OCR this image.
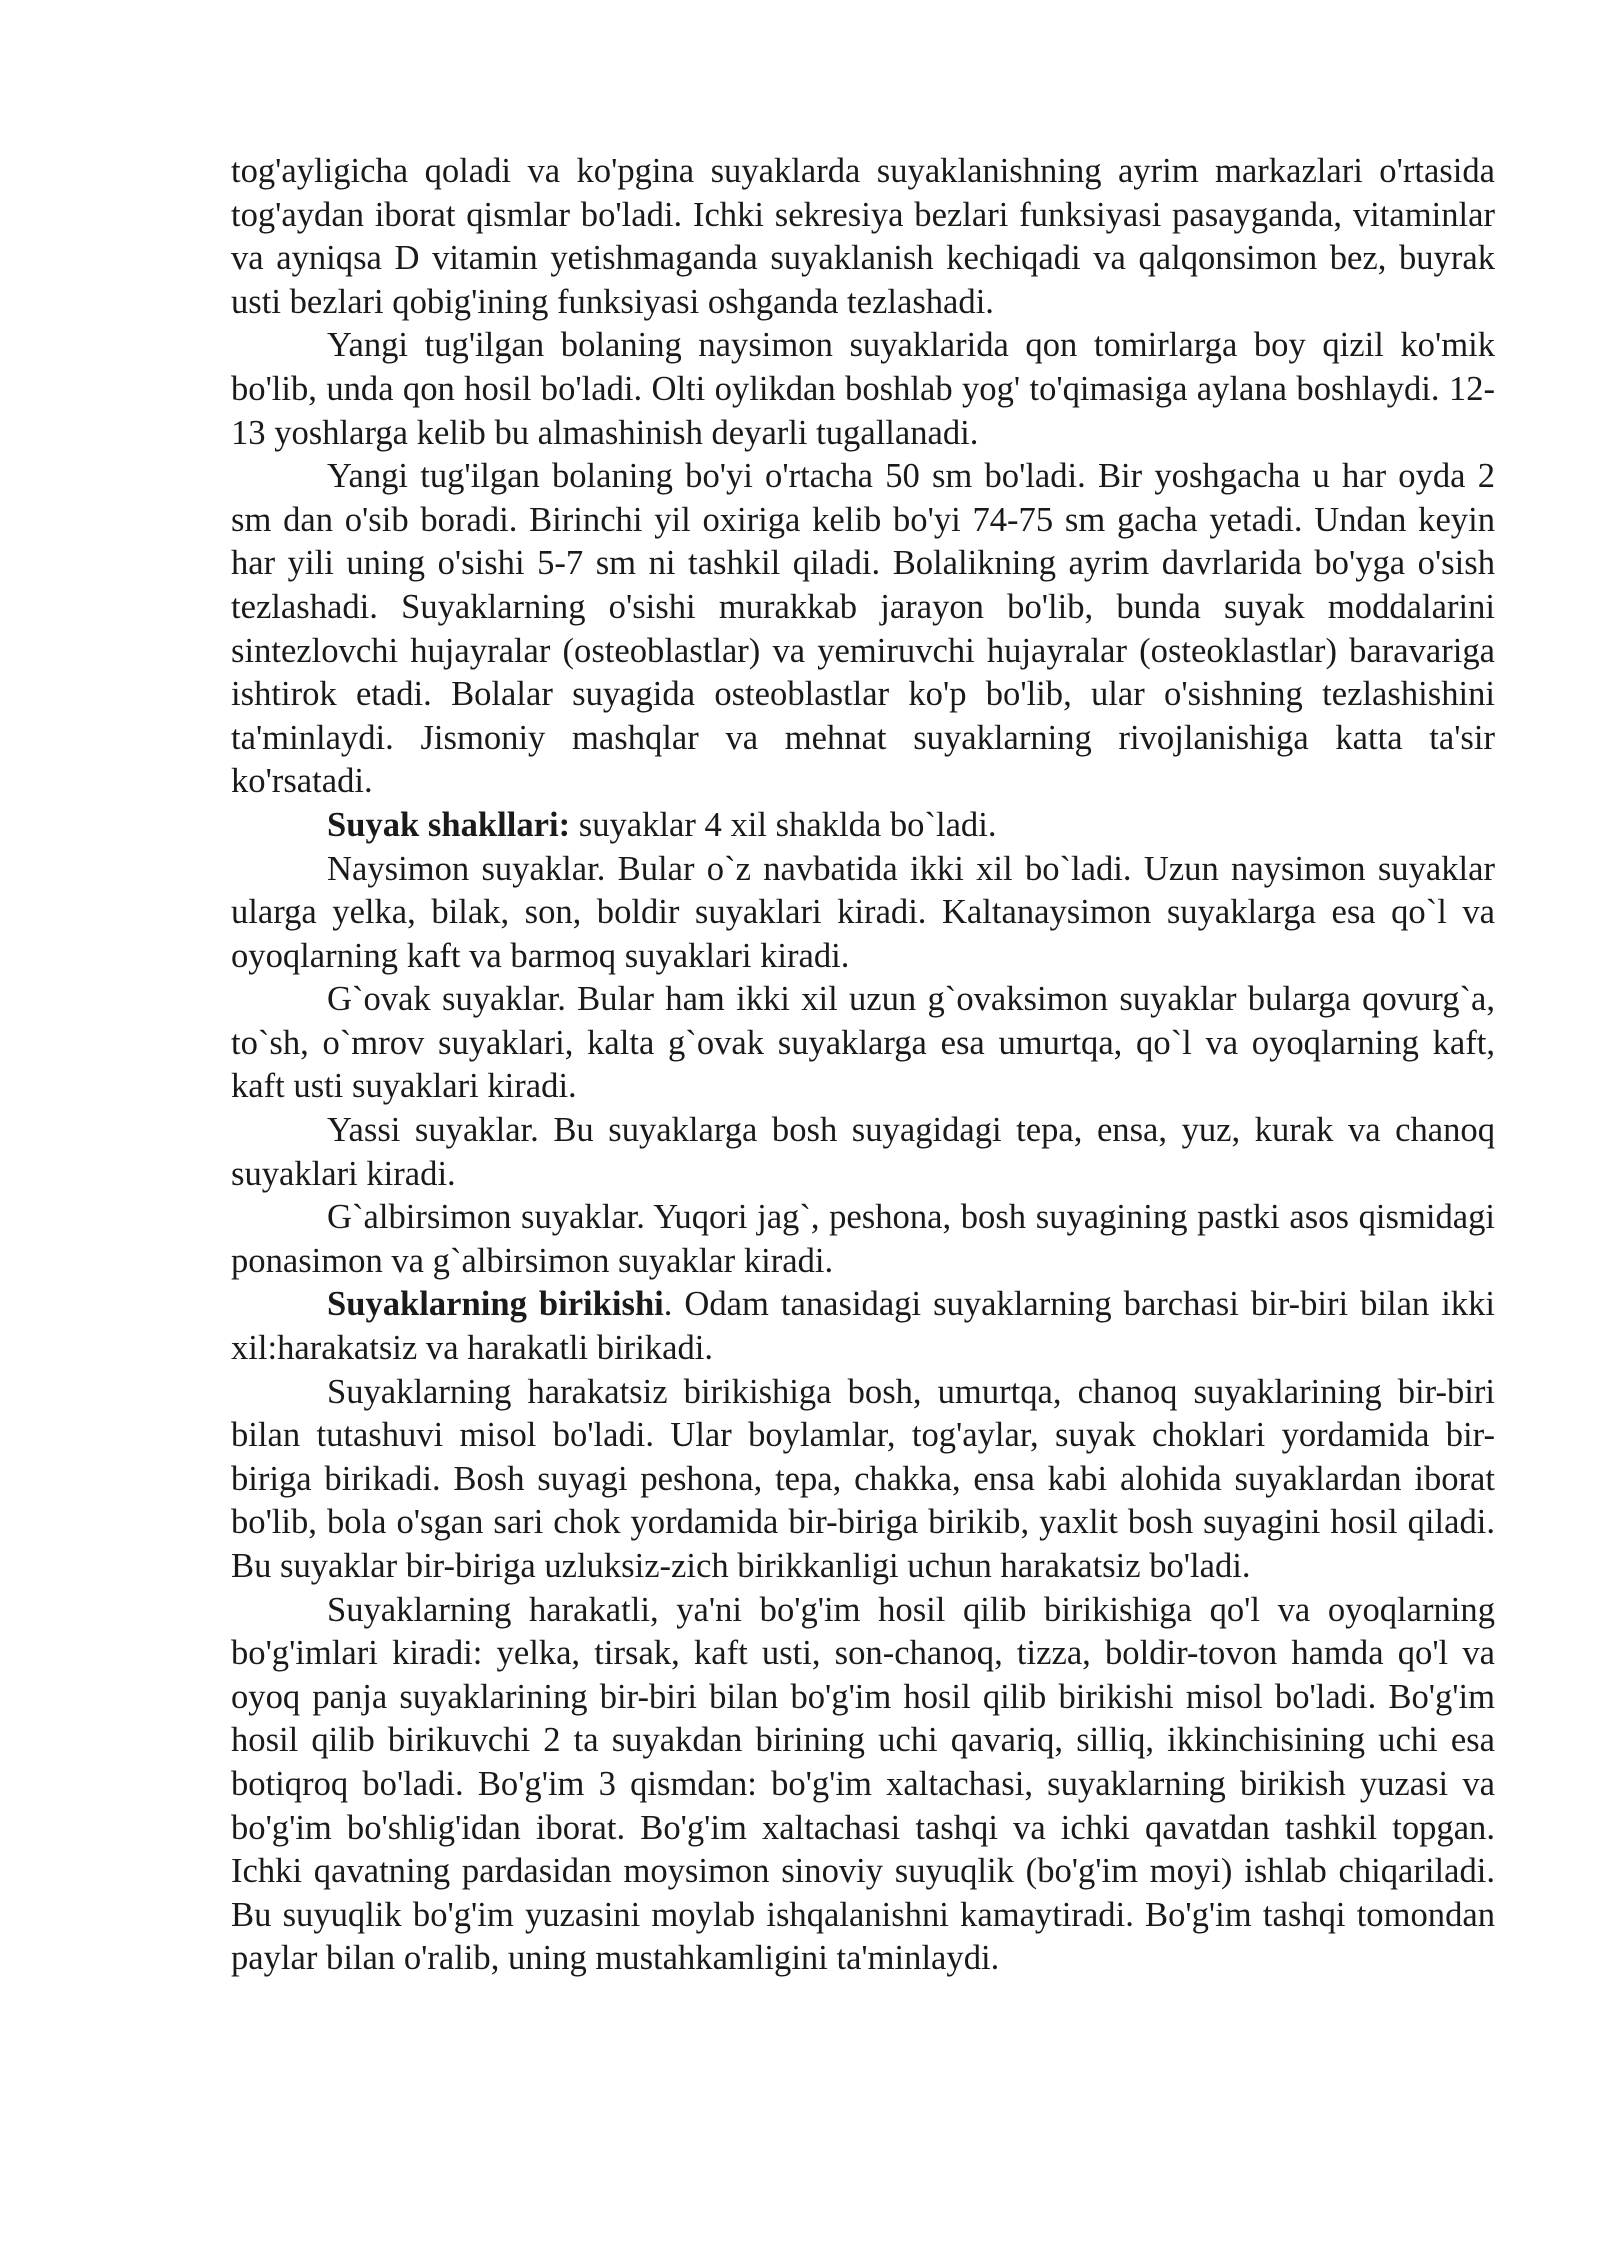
tog'ayligicha qoladi va ko'pgina suyaklarda suyaklanishning ayrim markazlari o'rtasida tog'aydan iborat qismlar bo'ladi. Ichki sekresiya bezlari funksiyasi pasayganda, vitaminlar va ayniqsa D vitamin yetishmaganda suyaklanish kechiqadi va qalqonsimon bez, buyrak usti bezlari qobig'ining funksiyasi oshganda tezlashadi.

Yangi tug'ilgan bolaning naysimon suyaklarida qon tomirlarga boy qizil ko'mik bo'lib, unda qon hosil bo'ladi. Olti oylikdan boshlab yog' to'qimasiga aylana boshlaydi. 12-13 yoshlarga kelib bu almashinish deyarli tugallanadi.

Yangi tug'ilgan bolaning bo'yi o'rtacha 50 sm bo'ladi. Bir yoshgacha u har oyda 2 sm dan o'sib boradi. Birinchi yil oxiriga kelib bo'yi 74-75 sm gacha yetadi. Undan keyin har yili uning o'sishi 5-7 sm ni tashkil qiladi. Bolalikning ayrim davrlarida bo'yga o'sish tezlashadi. Suyaklarning o'sishi murakkab jarayon bo'lib, bunda suyak moddalarini sintezlovchi hujayralar (osteoblastlar) va yemiruvchi hujayralar (osteoklastlar) baravariga ishtirok etadi. Bolalar suyagida osteoblastlar ko'p bo'lib, ular o'sishning tezlashishini ta'minlaydi. Jismoniy mashqlar va mehnat suyaklarning rivojlanishiga katta ta'sir ko'rsatadi.

Suyak shakllari: suyaklar 4 xil shakldа bo`ladi.

Naysimon suyaklar. Bular o`z navbatida ikki xil bo`ladi. Uzun naysimon suyaklar ularga yelka, bilak, son, boldir suyaklari kiradi. Kaltanaysimon suyaklarga esa qo`l va oyoqlarning kaft va barmoq suyaklari kiradi.

G`ovak suyaklar. Bular ham ikki xil uzun g`ovaksimon suyaklar bularga qovurg`a, to`sh, o`mrov suyaklari, kalta g`ovak suyaklarga esa umurtqa, qo`l va oyoqlarning kaft, kaft usti suyaklari kiradi.

Yassi suyaklar. Bu suyaklarga bosh suyagidagi tepa, ensa, yuz, kurak va chanoq suyaklari kiradi.

G`albirsimon suyaklar. Yuqori jag`, peshona, bosh suyagining pastki asos qismidagi ponasimon va g`albirsimon suyaklar kiradi.

Suyaklarning birikishi. Odam tanasidagi suyaklarning barchasi bir-biri bilan ikki xil:harakatsiz va harakatli birikadi.

Suyaklarning harakatsiz birikishiga bosh, umurtqa, chanoq suyaklarining bir-biri bilan tutashuvi misol bo'ladi. Ular boylamlar, tog'aylar, suyak choklari yordamida bir-biriga birikadi. Bosh suyagi peshona, tepa, chakka, ensa kabi alohida suyaklardan iborat bo'lib, bola o'sgan sari chok yordamida bir-biriga birikib, yaxlit bosh suyagini hosil qiladi. Bu suyaklar bir-biriga uzluksiz-zich birikkanligi uchun harakatsiz bo'ladi.

Suyaklarning harakatli, ya'ni bo'g'im hosil qilib birikishiga qo'l va oyoqlarning bo'g'imlari kiradi: yelka, tirsak, kaft usti, son-chanoq, tizza, boldir-tovon hamda qo'l va oyoq panja suyaklarining bir-biri bilan bo'g'im hosil qilib birikishi misol bo'ladi. Bo'g'im hosil qilib birikuvchi 2 ta suyakdan birining uchi qavariq, silliq, ikkinchisining uchi esa botiqroq bo'ladi. Bo'g'im 3 qismdan: bo'g'im xaltachasi, suyaklarning birikish yuzasi va bo'g'im bo'shlig'idan iborat. Bo'g'im xaltachasi tashqi va ichki qavatdan tashkil topgan. Ichki qavatning pardasidan moysimon sinoviy suyuqlik (bo'g'im moyi) ishlab chiqariladi. Bu suyuqlik bo'g'im yuzasini moylab ishqalanishni kamaytiradi. Bo'g'im tashqi tomondan paylar bilan o'ralib, uning mustahkamligini ta'minlaydi.
